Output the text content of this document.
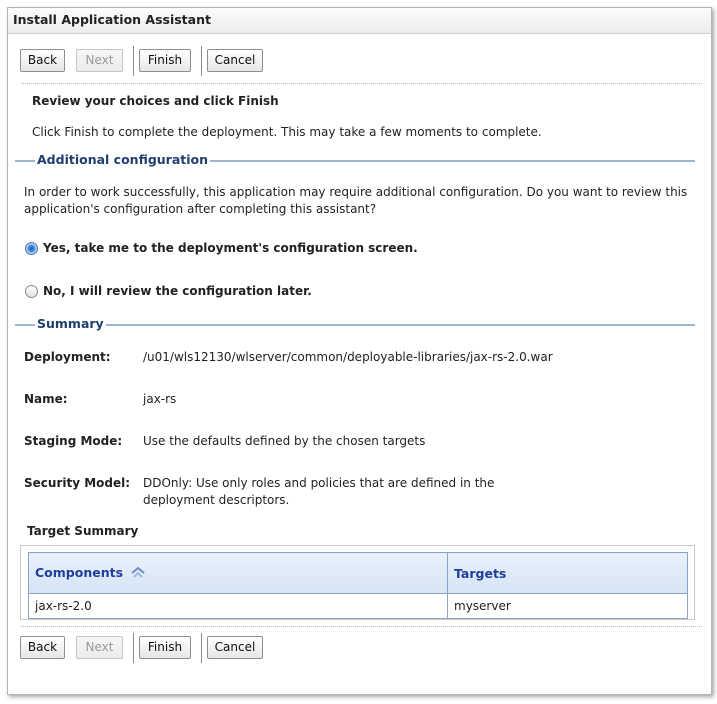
Install Application Assistant
Back	Next	Finish	Cancel
Review your choices and click Finish
Click Finish to complete the deployment. This may take a few moments to complete.
Additional configuration
In order to work successfully, this application may require additional configuration. Do you want to review this
application's configuration after completing this assistant?
Yes, take me to the deployment's configuration screen.
No, I will review the configuration later.
Summary
Deployment:	/u01/wls12130/wlserver/common/deployable-libraries/jax-rs-2.0.war
Name:	jax-rs
Staging Mode: Use the defaults defined by the chosen targets
Security Model: DDOnly: Use only roles and policies that are defined in the
deployment descriptors.
Target Summary
Components	Targets
jax-rs-2.0	myserver
Back	Next	Finish	Cancel
